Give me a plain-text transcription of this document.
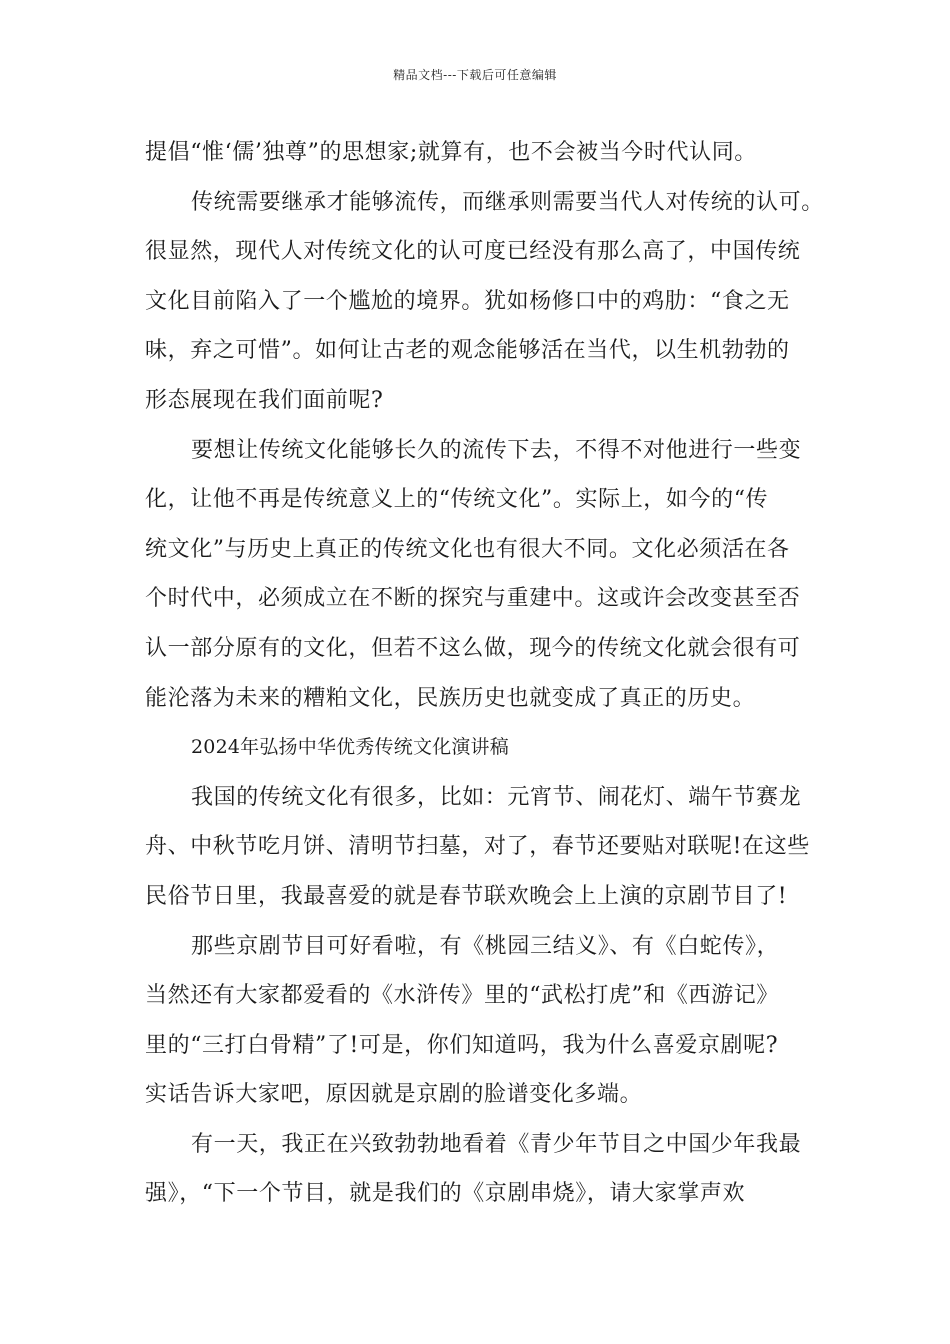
精品文档---下载后可任意编辑
提倡“惟‘儒’独尊”的思想家;就算有，也不会被当今时代认同。
传统需要继承才能够流传，而继承则需要当代人对传统的认可。
很显然，现代人对传统文化的认可度已经没有那么高了，中国传统
文化目前陷入了一个尴尬的境界。犹如杨修口中的鸡肋：“食之无
味，弃之可惜”。如何让古老的观念能够活在当代，以生机勃勃的
形态展现在我们面前呢?
要想让传统文化能够长久的流传下去，不得不对他进行一些变
化，让他不再是传统意义上的“传统文化”。实际上，如今的“传
统文化”与历史上真正的传统文化也有很大不同。文化必须活在各
个时代中，必须成立在不断的探究与重建中。这或许会改变甚至否
认一部分原有的文化，但若不这么做，现今的传统文化就会很有可
能沦落为未来的糟粕文化，民族历史也就变成了真正的历史。
2024年弘扬中华优秀传统文化演讲稿
我国的传统文化有很多，比如：元宵节、闹花灯、端午节赛龙
舟、中秋节吃月饼、清明节扫墓，对了，春节还要贴对联呢!在这些
民俗节日里，我最喜爱的就是春节联欢晚会上上演的京剧节目了!
那些京剧节目可好看啦，有《桃园三结义》、有《白蛇传》，
当然还有大家都爱看的《水浒传》里的“武松打虎”和《西游记》
里的“三打白骨精”了!可是，你们知道吗，我为什么喜爱京剧呢?
实话告诉大家吧，原因就是京剧的脸谱变化多端。
有一天，我正在兴致勃勃地看着《青少年节目之中国少年我最
强》，“下一个节目，就是我们的《京剧串烧》，请大家掌声欢
